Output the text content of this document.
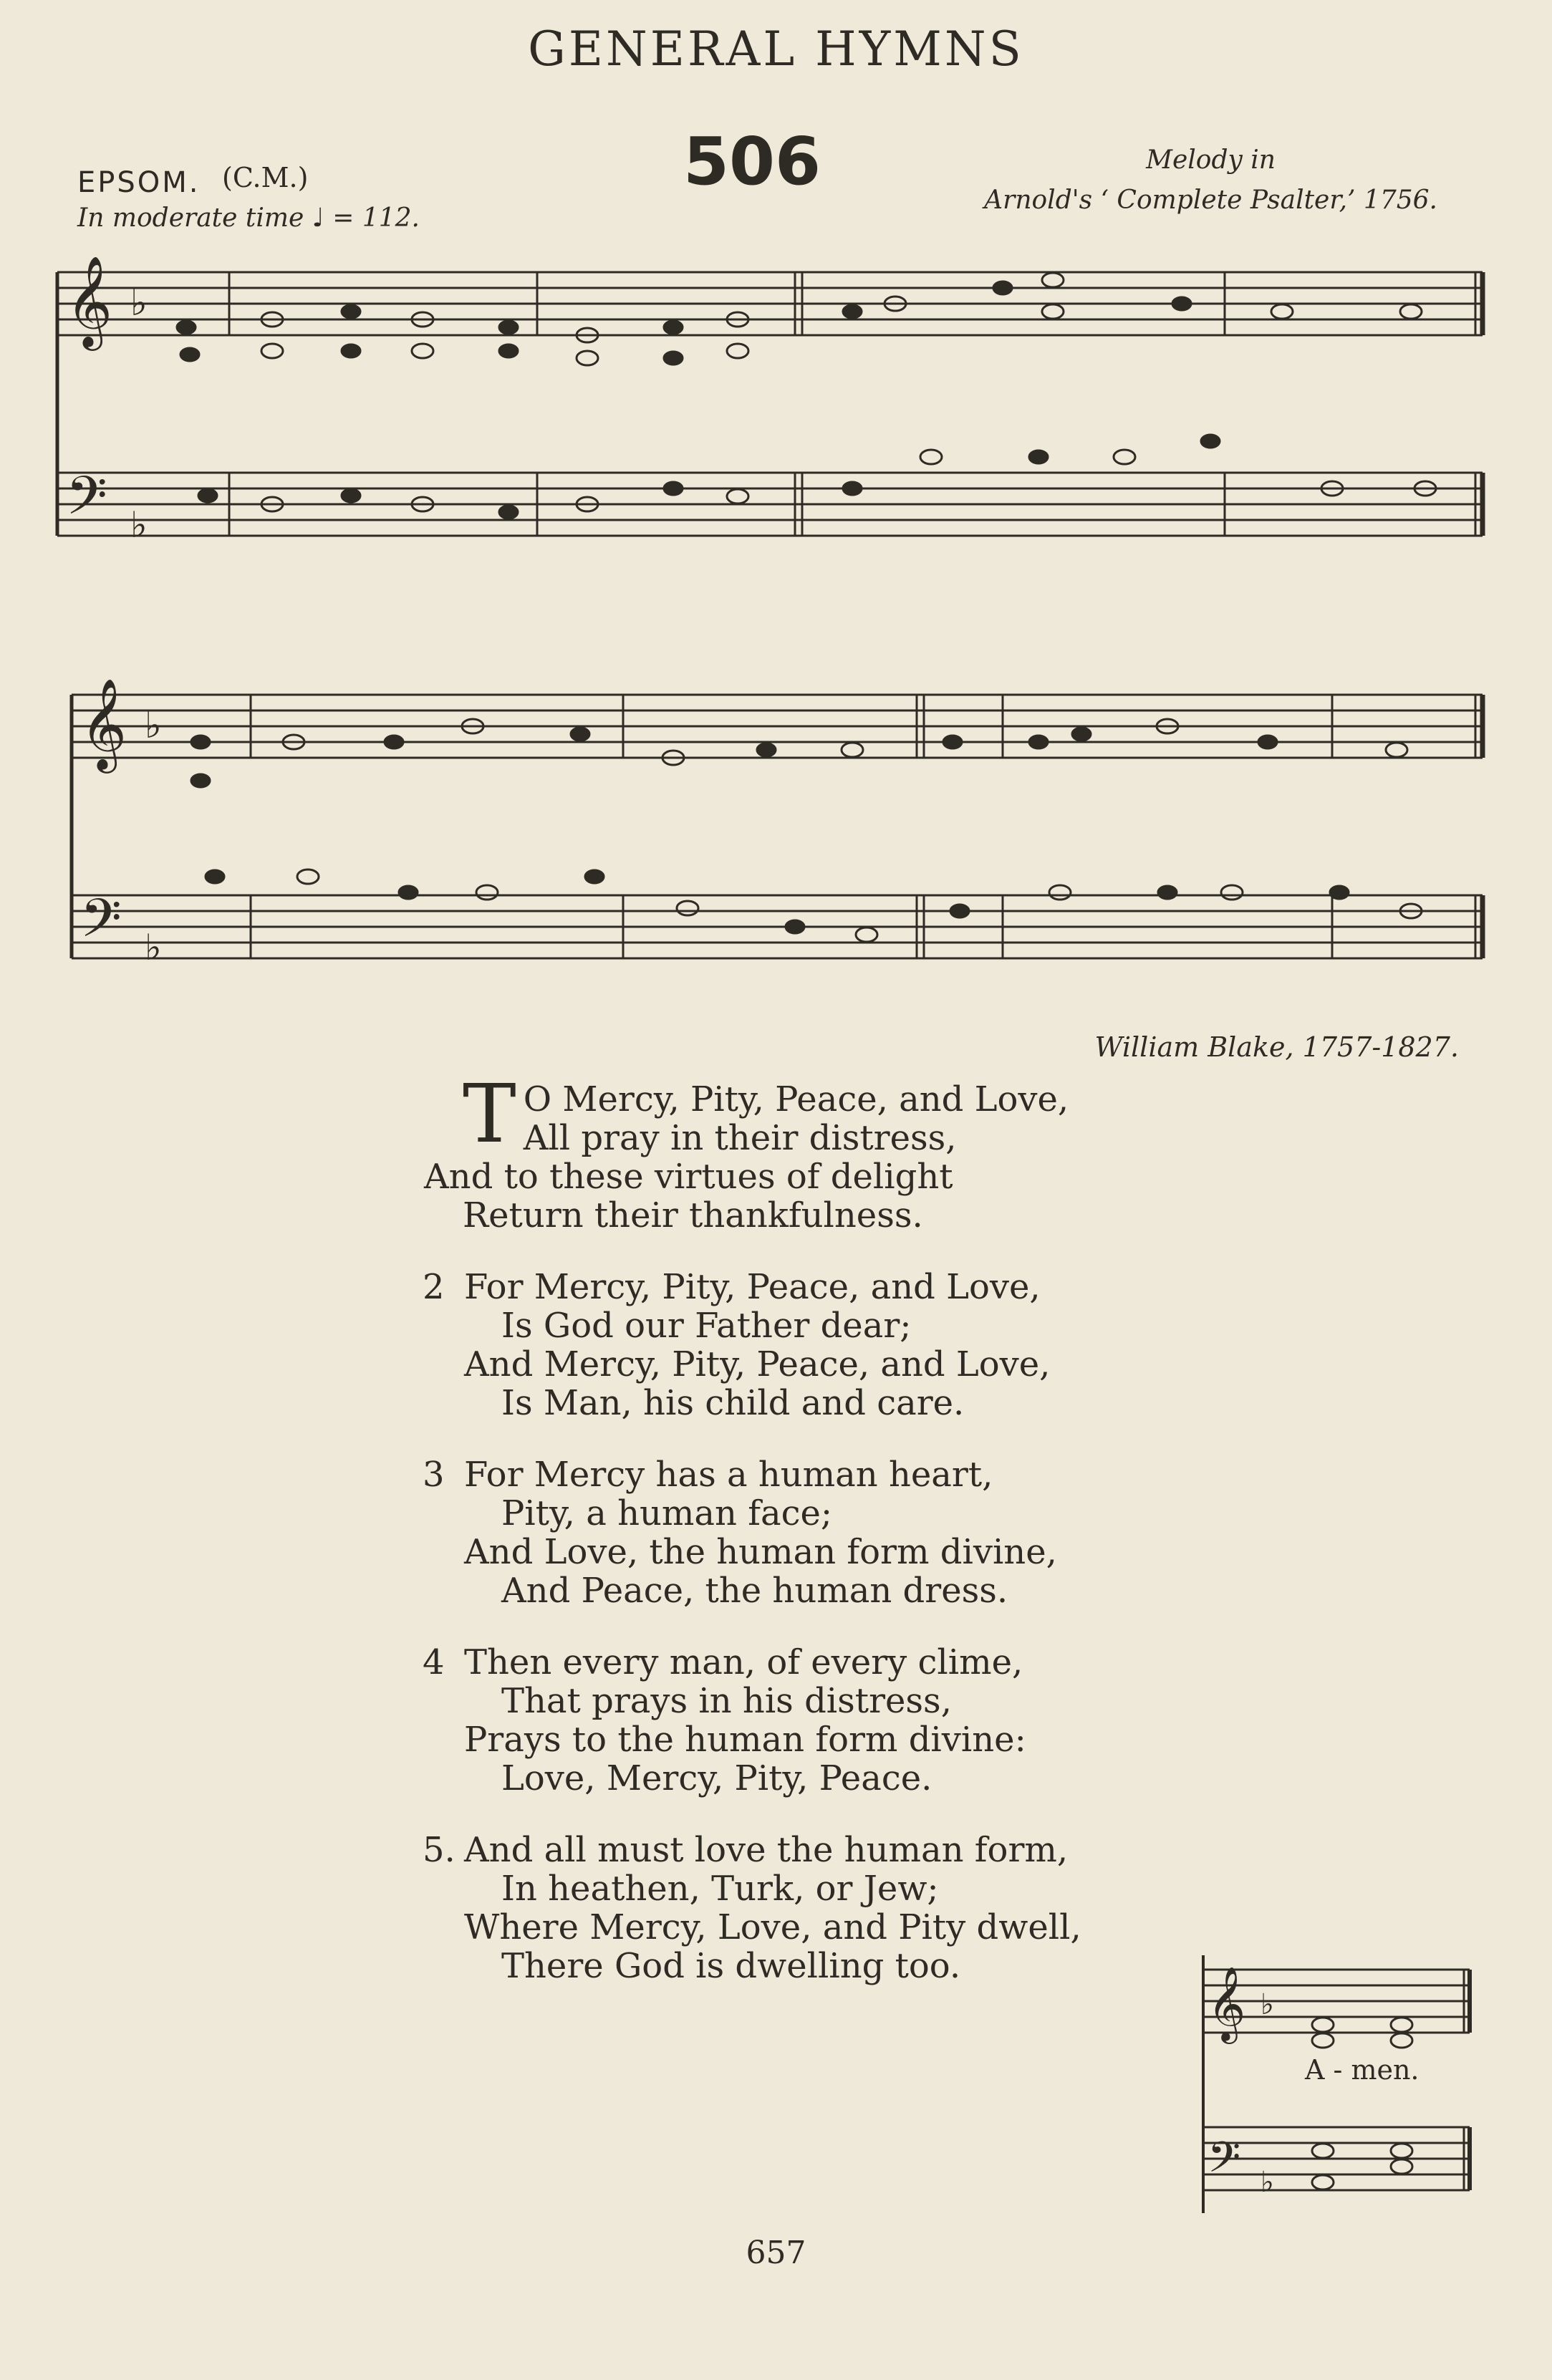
GENERAL HYMNS
EPSOM. (C.M.)
In moderate time ♩ = 112.
506	Melody in
Arnold's ‘ Complete Psalter,’ 1756.
𝄞
𝄢
♭
♭
𝄞
𝄢
♭
♭
William Blake, 1757-1827.
T O Mercy, Pity, Peace, and Love,
All pray in their distress,
And to these virtues of delight
Return their thankfulness.
2 For Mercy, Pity, Peace, and Love,
Is God our Father dear;
And Mercy, Pity, Peace, and Love,
Is Man, his child and care.
3 For Mercy has a human heart,
Pity, a human face;
And Love, the human form divine,
And Peace, the human dress.
4 Then every man, of every clime,
That prays in his distress,
Prays to the human form divine:
Love, Mercy, Pity, Peace.
5. And all must love the human form,
In heathen, Turk, or Jew;
Where Mercy, Love, and Pity dwell,
There God is dwelling too.	𝄞
𝄢
♭
♭
A - men.
657
